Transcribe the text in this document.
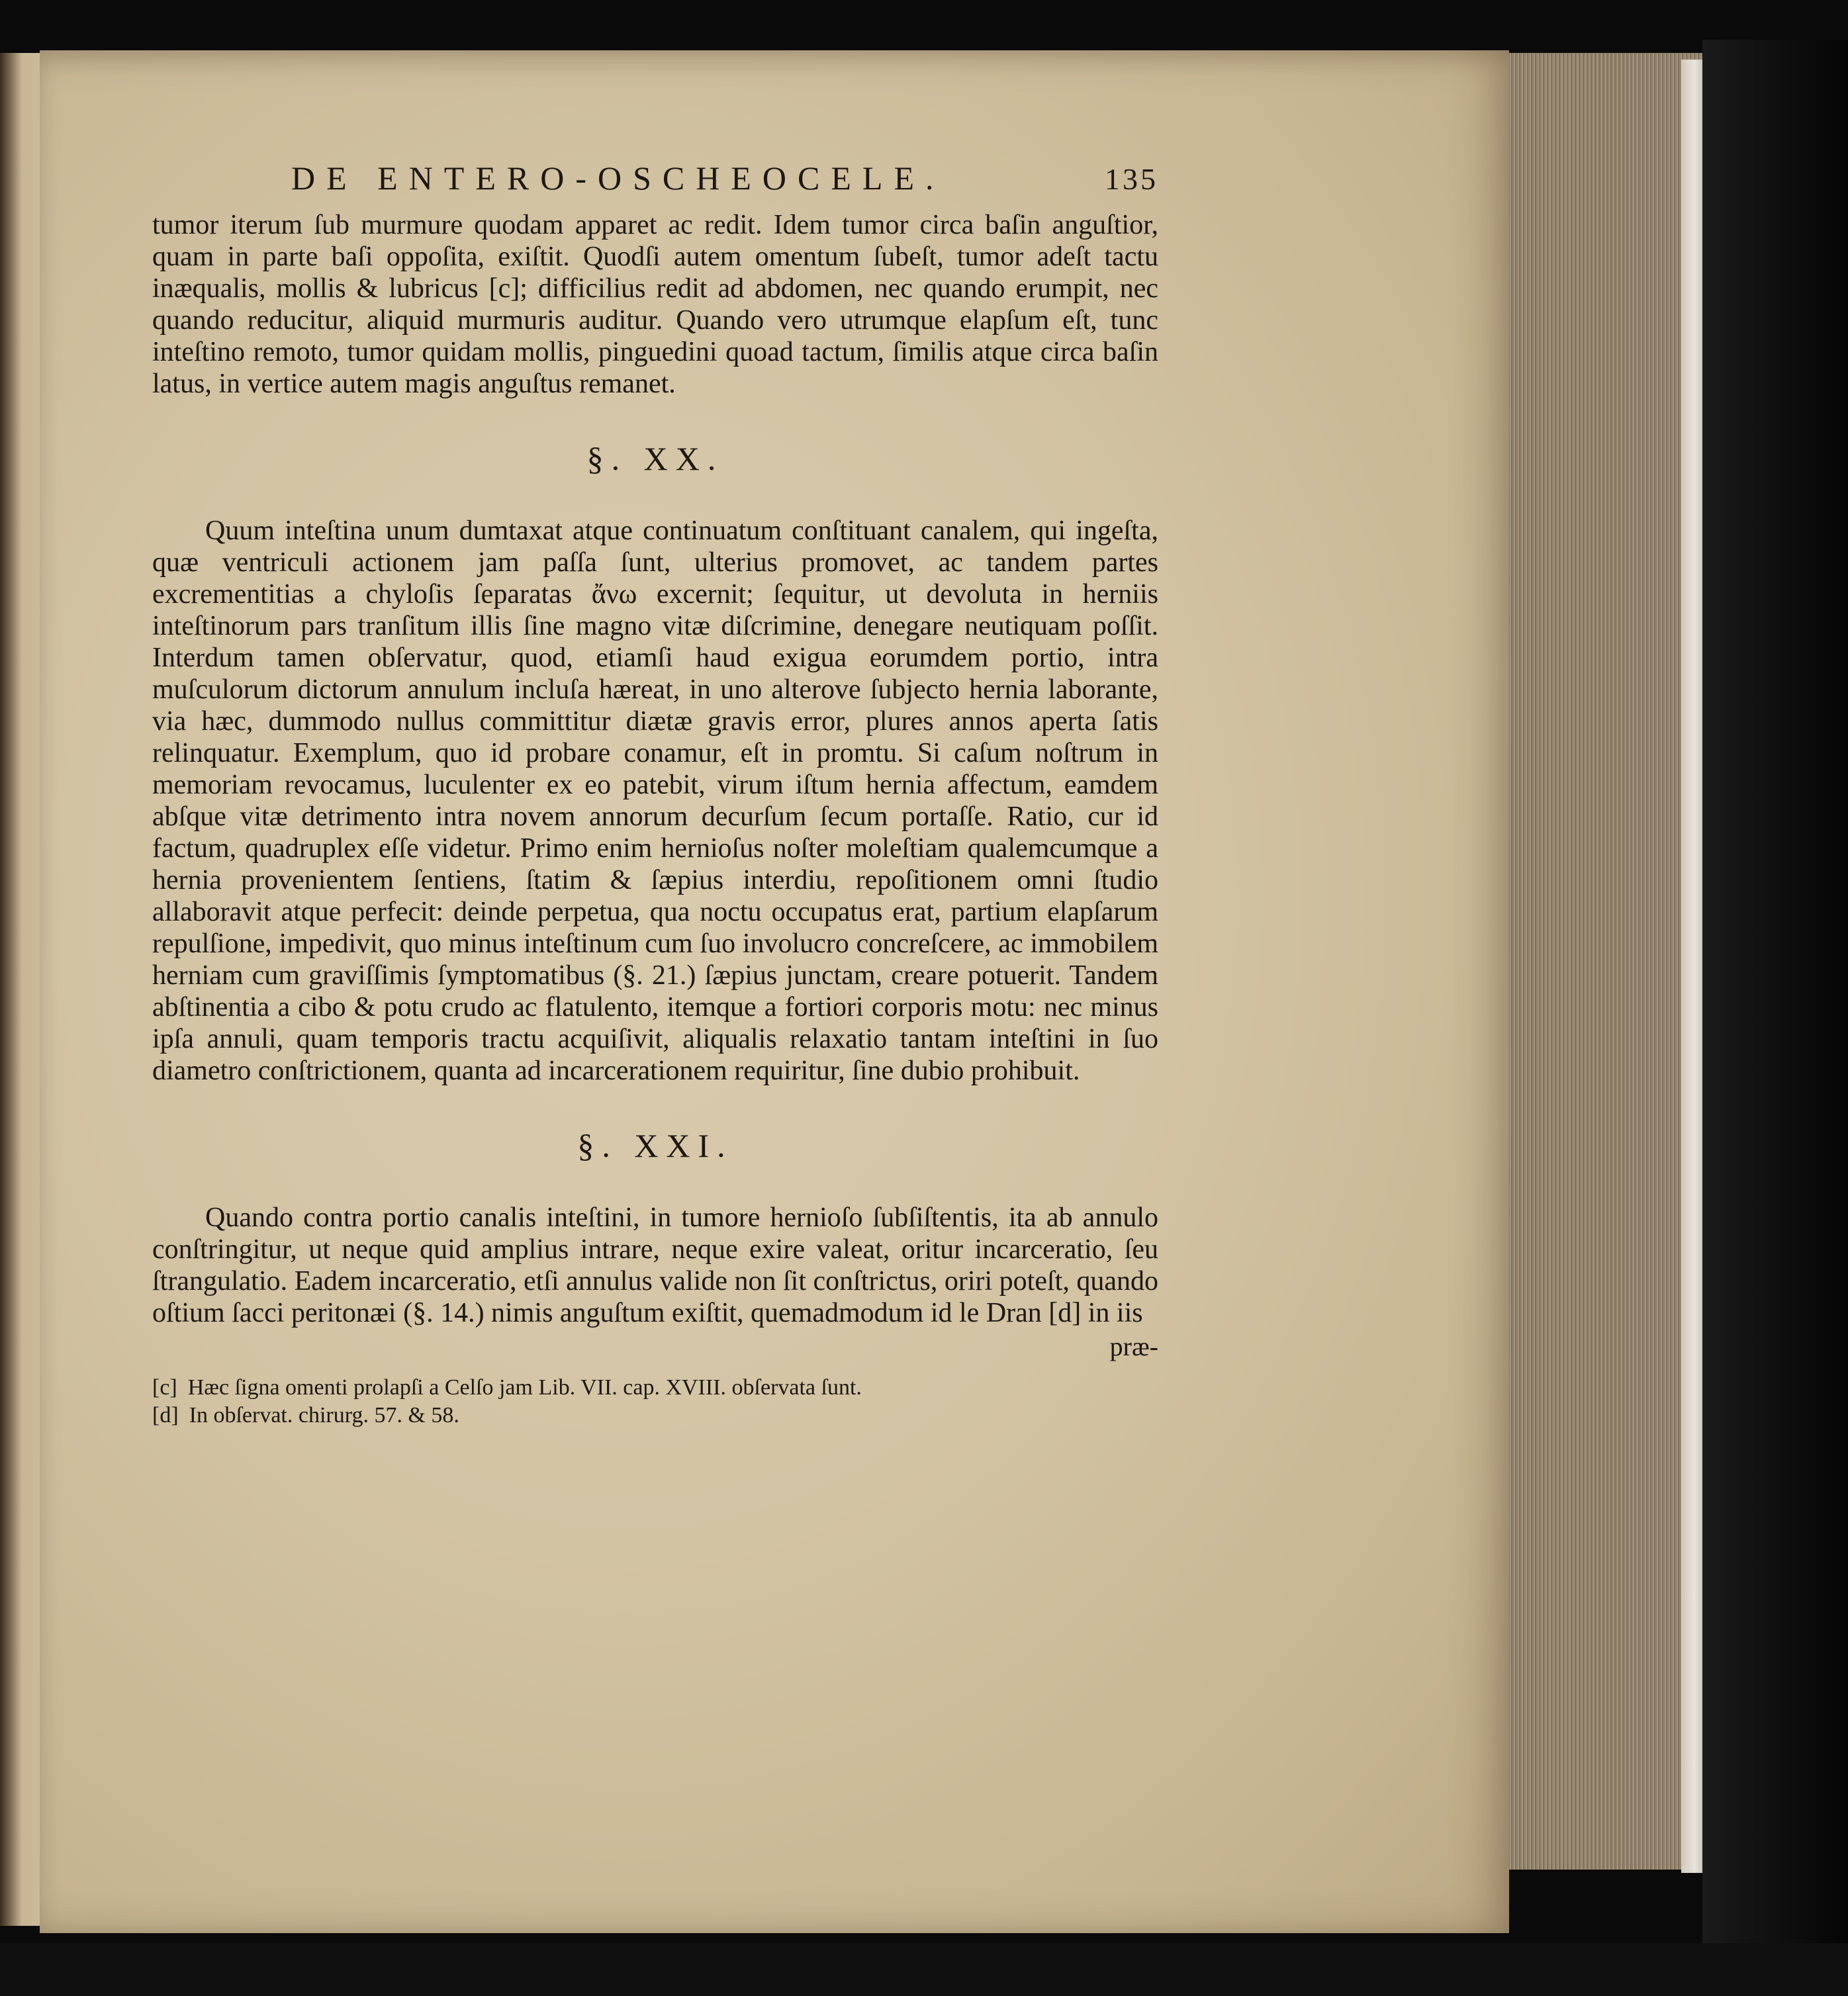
DE ENTERO-OSCHEOCELE.	135

tumor iterum ſub murmure quodam apparet ac redit. Idem tumor circa baſin anguſtior, quam in parte baſi oppoſita, exiſtit. Quodſi autem omentum ſubeſt, tumor adeſt tactu inæqualis, mollis & lubricus [c]; difficilius redit ad abdomen, nec quando erumpit, nec quando reducitur, aliquid murmuris auditur. Quando vero utrumque elapſum eſt, tunc inteſtino remoto, tumor quidam mollis, pinguedini quoad tactum, ſimilis atque circa baſin latus, in vertice autem magis anguſtus remanet.

§. XX.

Quum inteſtina unum dumtaxat atque continuatum conſtituant canalem, qui ingeſta, quæ ventriculi actionem jam paſſa ſunt, ulterius promovet, ac tandem partes excrementitias a chyloſis ſeparatas ἄνω excernit; ſequitur, ut devoluta in herniis inteſtinorum pars tranſitum illis ſine magno vitæ diſcrimine, denegare neutiquam poſſit. Interdum tamen obſervatur, quod, etiamſi haud exigua eorumdem portio, intra muſculorum dictorum annulum incluſa hæreat, in uno alterove ſubjecto hernia laborante, via hæc, dummodo nullus committitur diætæ gravis error, plures annos aperta ſatis relinquatur. Exemplum, quo id probare conamur, eſt in promtu. Si caſum noſtrum in memoriam revocamus, luculenter ex eo patebit, virum iſtum hernia affectum, eamdem abſque vitæ detrimento intra novem annorum decurſum ſecum portaſſe. Ratio, cur id factum, quadruplex eſſe videtur. Primo enim hernioſus noſter moleſtiam qualemcumque a hernia provenientem ſentiens, ſtatim & ſæpius interdiu, repoſitionem omni ſtudio allaboravit atque perfecit: deinde perpetua, qua noctu occupatus erat, partium elapſarum repulſione, impedivit, quo minus inteſtinum cum ſuo involucro concreſcere, ac immobilem herniam cum graviſſimis ſymptomatibus (§. 21.) ſæpius junctam, creare potuerit. Tandem abſtinentia a cibo & potu crudo ac flatulento, itemque a fortiori corporis motu: nec minus ipſa annuli, quam temporis tractu acquiſivit, aliqualis relaxatio tantam inteſtini in ſuo diametro conſtrictionem, quanta ad incarcerationem requiritur, ſine dubio prohibuit.

§. XXI.

Quando contra portio canalis inteſtini, in tumore hernioſo ſubſiſtentis, ita ab annulo conſtringitur, ut neque quid amplius intrare, neque exire valeat, oritur incarceratio, ſeu ſtrangulatio. Eadem incarceratio, etſi annulus valide non ſit conſtrictus, oriri poteſt, quando oſtium ſacci peritonæi (§. 14.) nimis anguſtum exiſtit, quemadmodum id le Dran [d] in iis

præ-
[c] Hæc ſigna omenti prolapſi a Celſo jam Lib. VII. cap. XVIII. obſervata ſunt.
[d] In obſervat. chirurg. 57. & 58.
